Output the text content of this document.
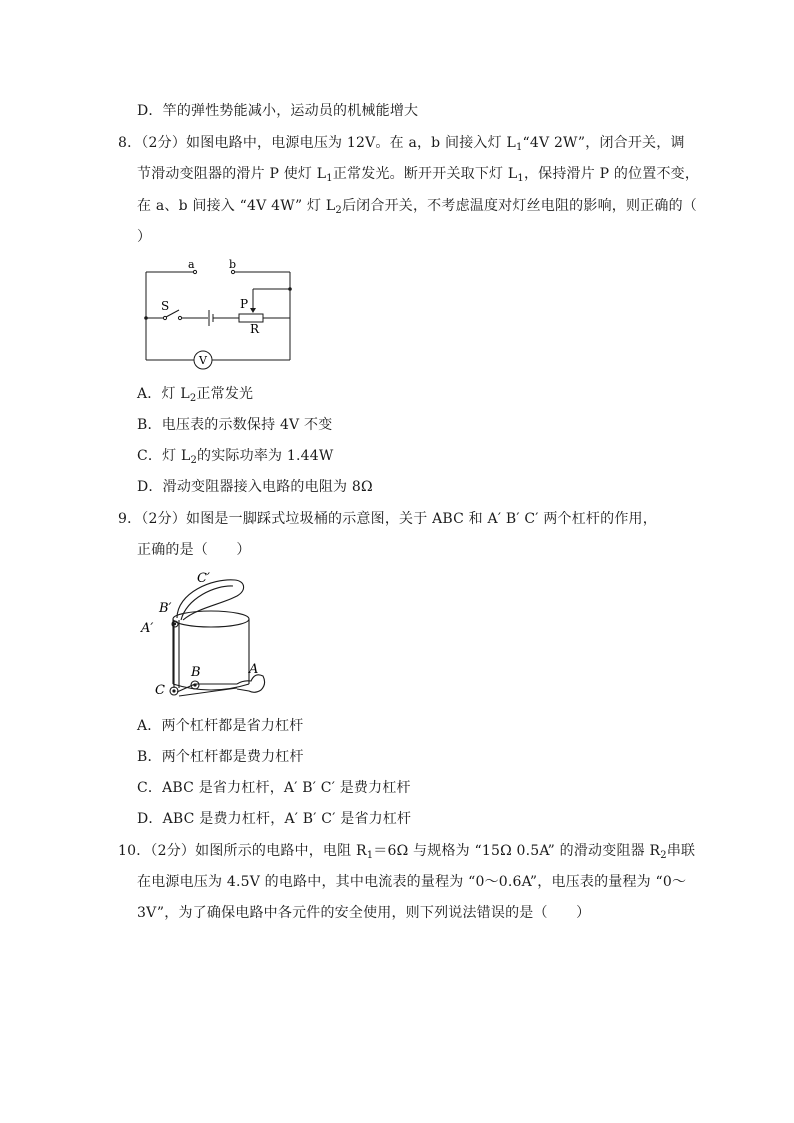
D．竿的弹性势能减小，运动员的机械能增大
8．（2分）如图电路中，电源电压为 12V。在 a，b 间接入灯 $L_1“4V$ 2W”，闭合开关，调
节滑动变阻器的滑片 P 使灯 $L_1$正常发光。断开开关取下灯 $L_1$，保持滑片 P 的位置不变，
在 a、b 间接入 “4V 4W” 灯 $L_2$后闭合开关，不考虑温度对灯丝电阻的影响，则正确的（
）
a	b
S	P
R
V
A．灯 $L_2$正常发光
B．电压表的示数保持 4V 不变
C．灯 $L_2$的实际功率为 1.44W
D．滑动变阻器接入电路的电阻为 8Ω
9．（2分）如图是一脚踩式垃圾桶的示意图，关于 ABC 和 A′ B′ C′ 两个杠杆的作用，
正确的是（　　）
C′
B′
A′
B	A
C
A．两个杠杆都是省力杠杆
B．两个杠杆都是费力杠杆
C．ABC 是省力杠杆，A′ B′ C′ 是费力杠杆
D．ABC 是费力杠杆，A′ B′ C′ 是省力杠杆
10．（2分）如图所示的电路中，电阻 $R_1=6\Omega$ 与规格为 “15Ω 0.5A” 的滑动变阻器 $R_2$串联
在电源电压为 4.5V 的电路中，其中电流表的量程为 “0～0.6A”，电压表的量程为 “0～
3V”，为了确保电路中各元件的安全使用，则下列说法错误的是（　　）
